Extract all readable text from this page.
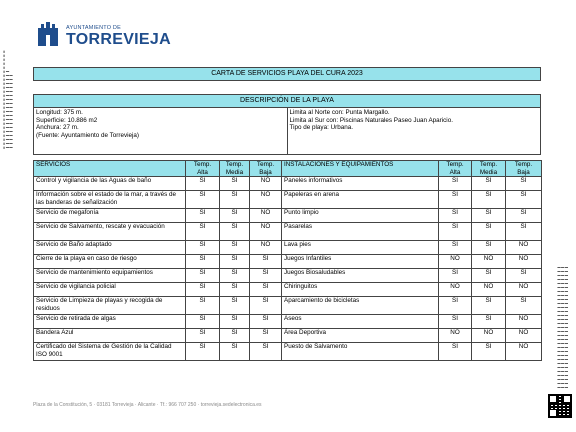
AYUNTAMIENTO DE
TORREVIEJA
▮▮▮▮▮▮▮▮▮▮▮▮▮▮▮▮▮▮▮▮▮▮▮▮▮
▬▬▬▬▬▬▬▬▬▬▬▬▬▬▬▬▬▬▬▬
▬▬▬▬▬▬▬▬▬▬▬▬▬▬▬▬▬▬▬
▬▬▬▬▬▬▬▬▬▬▬▬▬▬▬▬▬▬▬▬▬▬▬▬▬▬▬▬▬▬▬
▬▬▬▬▬▬▬▬▬▬▬▬▬▬▬▬▬▬▬▬▬▬▬▬▬▬▬▬▬▬▬
▬▬▬▬▬▬▬▬▬▬▬▬▬▬▬▬▬▬▬▬▬▬▬▬▬▬▬▬▬▬▬
CARTA DE SERVICIOS PLAYA DEL CURA 2023
DESCRIPCIÓN DE LA PLAYA

Longitud: 375 m.
Superficie: 10.886 m2
Anchura: 27 m.
(Fuente: Ayuntamiento de Torrevieja)

Limita al Norte con: Punta Margallo.
Limita al Sur con: Piscinas Naturales Paseo Juan Aparicio.
Tipo de playa: Urbana.
SERVICIOS	Temp. Alta	Temp. Media	Temp. Baja	INSTALACIONES Y EQUIPAMIENTOS	Temp. Alta	Temp. Media	Temp. Baja
Control y vigilancia de las Aguas de baño	SI	SI	NO	Paneles informativos	SI	SI	SI
Información sobre el estado de la mar, a través de las banderas de señalización	SI	SI	NO	Papeleras en arena	SI	SI	SI
Servicio de megafonía	SI	SI	NO	Punto limpio	SI	SI	SI
Servicio de Salvamento, rescate y evacuación	SI	SI	NO	Pasarelas	SI	SI	SI
Servicio de Baño adaptado	SI	SI	NO	Lava pies	SI	SI	NO
Cierre de la playa en caso de riesgo	SI	SI	SI	Juegos Infantiles	NO	NO	NO
Servicio de mantenimiento equipamientos	SI	SI	SI	Juegos Biosaludables	SI	SI	SI
Servicio de vigilancia policial	SI	SI	SI	Chiringuitos	NO	NO	NO
Servicio de Limpieza de playas y recogida de residuos	SI	SI	SI	Aparcamiento de bicicletas	SI	SI	SI
Servicio de retirada de algas	SI	SI	SI	Aseos	SI	SI	NO
Bandera Azul	SI	SI	SI	Área Deportiva	NO	NO	NO
Certificado del Sistema de Gestión de la Calidad ISO 9001	SI	SI	SI	Puesto de Salvamento	SI	SI	NO
Plaza de la Constitución, 5 · 03181 Torrevieja · Alicante · Tf.: 966 707 250 · torrevieja.sedelectronica.es
